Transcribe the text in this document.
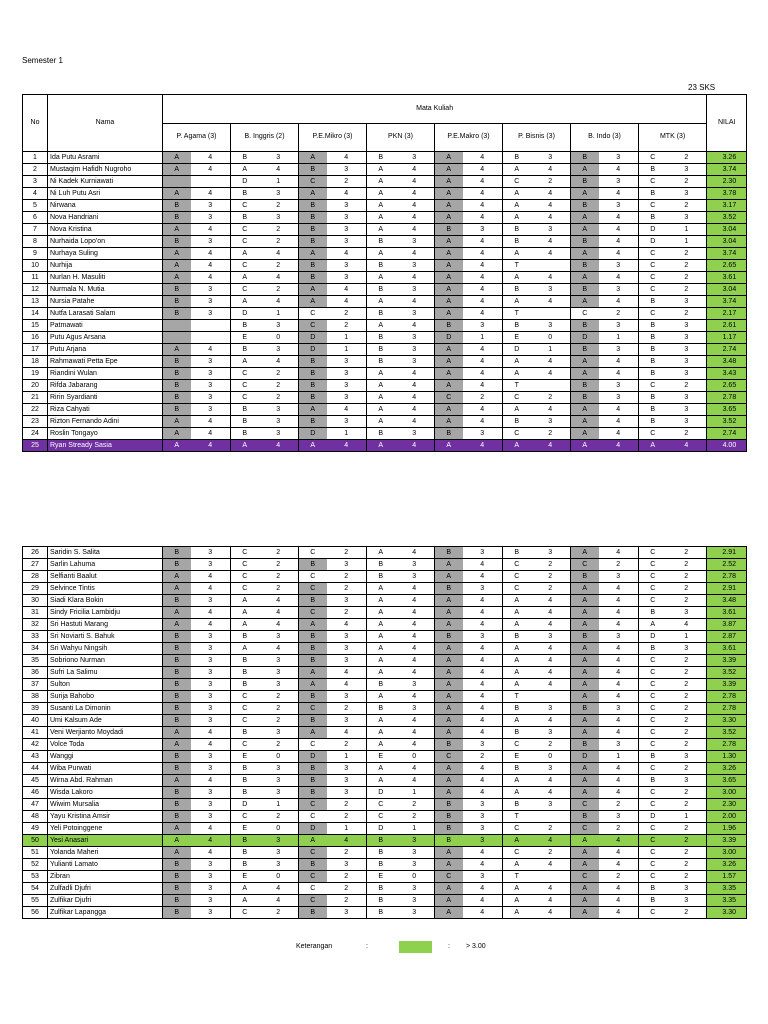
Semester 1
23 SKS
No	Nama	Mata Kuliah																NILAI
		P. Agama (3)		B. Inggris (2)		P.E.Mikro (3)		PKN (3)		P.E.Makro (3)		P. Bisnis (3)		B. Indo (3)		MTK (3)		
1	Ida Putu Asrami	A	4	B	3	A	4	B	3	A	4	B	3	B	3	C	2	3.26
2	Mustaqim Hafidh Nugroho	A	4	A	4	B	3	A	4	A	4	A	4	A	4	B	3	3.74
3	Ni Kadek Kurniawati			D	1	C	2	A	4	A	4	C	2	B	3	C	2	2.30
4	Ni Luh Putu Asri	A	4	B	3	A	4	A	4	A	4	A	4	A	4	B	3	3.78
5	Nirwana	B	3	C	2	B	3	A	4	A	4	A	4	B	3	C	2	3.17
6	Nova Handriani	B	3	B	3	B	3	A	4	A	4	A	4	A	4	B	3	3.52
7	Nova Kristina	A	4	C	2	B	3	A	4	B	3	B	3	A	4	D	1	3.04
8	Nurhaida Lopo'on	B	3	C	2	B	3	B	3	A	4	B	4	B	4	D	1	3.04
9	Nurhaya Suling	A	4	A	4	A	4	A	4	A	4	A	4	A	4	C	2	3.74
10	Nurhija	A	4	C	2	B	3	B	3	A	4	T		B	3	C	2	2.65
11	Nurlan H. Masuliti	A	4	A	4	B	3	A	4	A	4	A	4	A	4	C	2	3.61
12	Nurmala N. Mutia	B	3	C	2	A	4	B	3	A	4	B	3	B	3	C	2	3.04
13	Nursia Patahe	B	3	A	4	A	4	A	4	A	4	A	4	A	4	B	3	3.74
14	Nutfa Larasati Salam	B	3	D	1	C	2	B	3	A	4	T		C	2	C	2	2.17
15	Patmawati			B	3	C	2	A	4	B	3	B	3	B	3	B	3	2.61
16	Putu Agus Arsana			E	0	D	1	B	3	D	1	E	0	D	1	B	3	1.17
17	Putu Arjana	A	4	B	3	D	1	B	3	A	4	D	1	B	3	B	3	2.74
18	Rahmawati Petta Epe	B	3	A	4	B	3	B	3	A	4	A	4	A	4	B	3	3.48
19	Riandini Wulan	B	3	C	2	B	3	A	4	A	4	A	4	A	4	B	3	3.43
20	Rifda Jabarang	B	3	C	2	B	3	A	4	A	4	T		B	3	C	2	2.65
21	Ririn Syardianti	B	3	C	2	B	3	A	4	C	2	C	2	B	3	B	3	2.78
22	Riza Cahyati	B	3	B	3	A	4	A	4	A	4	A	4	A	4	B	3	3.65
23	Rizton Fernando Adini	A	4	B	3	B	3	A	4	A	4	B	3	A	4	B	3	3.52
24	Roslin Tongayo	A	4	B	3	D	1	B	3	B	3	C	2	A	4	C	2	2.74
25	Ryan Stready Sasia	A	4	A	4	A	4	A	4	A	4	A	4	A	4	A	4	4.00
26	Saridin S. Salita	B	3	C	2	C	2	A	4	B	3	B	3	A	4	C	2	2.91
27	Sarlin Lahuma	B	3	C	2	B	3	B	3	A	4	C	2	C	2	C	2	2.52
28	Selfianti Baalut	A	4	C	2	C	2	B	3	A	4	C	2	B	3	C	2	2.78
29	Selvince Tintis	A	4	C	2	C	2	A	4	B	3	C	2	A	4	C	2	2.91
30	Siadi Klara Bokin	B	3	A	4	B	3	A	4	A	4	A	4	A	4	C	2	3.48
31	Sindy Fricilia Lambidju	A	4	A	4	C	2	A	4	A	4	A	4	A	4	B	3	3.61
32	Sri Hastuti Marang	A	4	A	4	A	4	A	4	A	4	A	4	A	4	A	4	3.87
33	Sri Noviarti S. Bahuk	B	3	B	3	B	3	A	4	B	3	B	3	B	3	D	1	2.87
34	Sri Wahyu Ningsih	B	3	A	4	B	3	A	4	A	4	A	4	A	4	B	3	3.61
35	Sobriono Nurman	B	3	B	3	B	3	A	4	A	4	A	4	A	4	C	2	3.39
36	Sufri La Salimu	B	3	B	3	A	4	A	4	A	4	A	4	A	4	C	2	3.52
37	Sulton	B	3	B	3	A	4	B	3	A	4	A	4	A	4	C	2	3.39
38	Surija Bahobo	B	3	C	2	B	3	A	4	A	4	T		A	4	C	2	2.78
39	Susanti La Dimonin	B	3	C	2	C	2	B	3	A	4	B	3	B	3	C	2	2.78
40	Umi Kalsum Ade	B	3	C	2	B	3	A	4	A	4	A	4	A	4	C	2	3.30
41	Veni Werjianto Moydadi	A	4	B	3	A	4	A	4	A	4	B	3	A	4	C	2	3.52
42	Volce Toda	A	4	C	2	C	2	A	4	B	3	C	2	B	3	C	2	2.78
43	Wanggi	B	3	E	0	D	1	E	0	C	2	E	0	D	1	B	3	1.30
44	Wiba Purwati	B	3	B	3	B	3	A	4	A	4	B	3	A	4	C	2	3.26
45	Wirna Abd. Rahman	A	4	B	3	B	3	A	4	A	4	A	4	A	4	B	3	3.65
46	Wisda Lakoro	B	3	B	3	B	3	D	1	A	4	A	4	A	4	C	2	3.00
47	Wiwim Mursalia	B	3	D	1	C	2	C	2	B	3	B	3	C	2	C	2	2.30
48	Yayu Kristina Amsir	B	3	C	2	C	2	C	2	B	3	T		B	3	D	1	2.00
49	Yeli Potoinggene	A	4	E	0	D	1	D	1	B	3	C	2	C	2	C	2	1.96
50	Yesi Anasari	A	4	B	3	A	4	B	3	B	3	A	4	A	4	C	2	3.39
51	Yolanda Maheri	A	4	B	3	C	2	B	3	A	4	C	2	A	4	C	2	3.00
52	Yulianti Lamato	B	3	B	3	B	3	B	3	A	4	A	4	A	4	C	2	3.26
53	Zibran	B	3	E	0	C	2	E	0	C	3	T		C	2	C	2	1.57
54	Zulfadli Djufri	B	3	A	4	C	2	B	3	A	4	A	4	A	4	B	3	3.35
55	Zulfikar Djufri	B	3	A	4	C	2	B	3	A	4	A	4	A	4	B	3	3.35
56	Zulfikar Lapangga	B	3	C	2	B	3	B	3	A	4	A	4	A	4	C	2	3.30
Keterangan	:	: > 3.00
